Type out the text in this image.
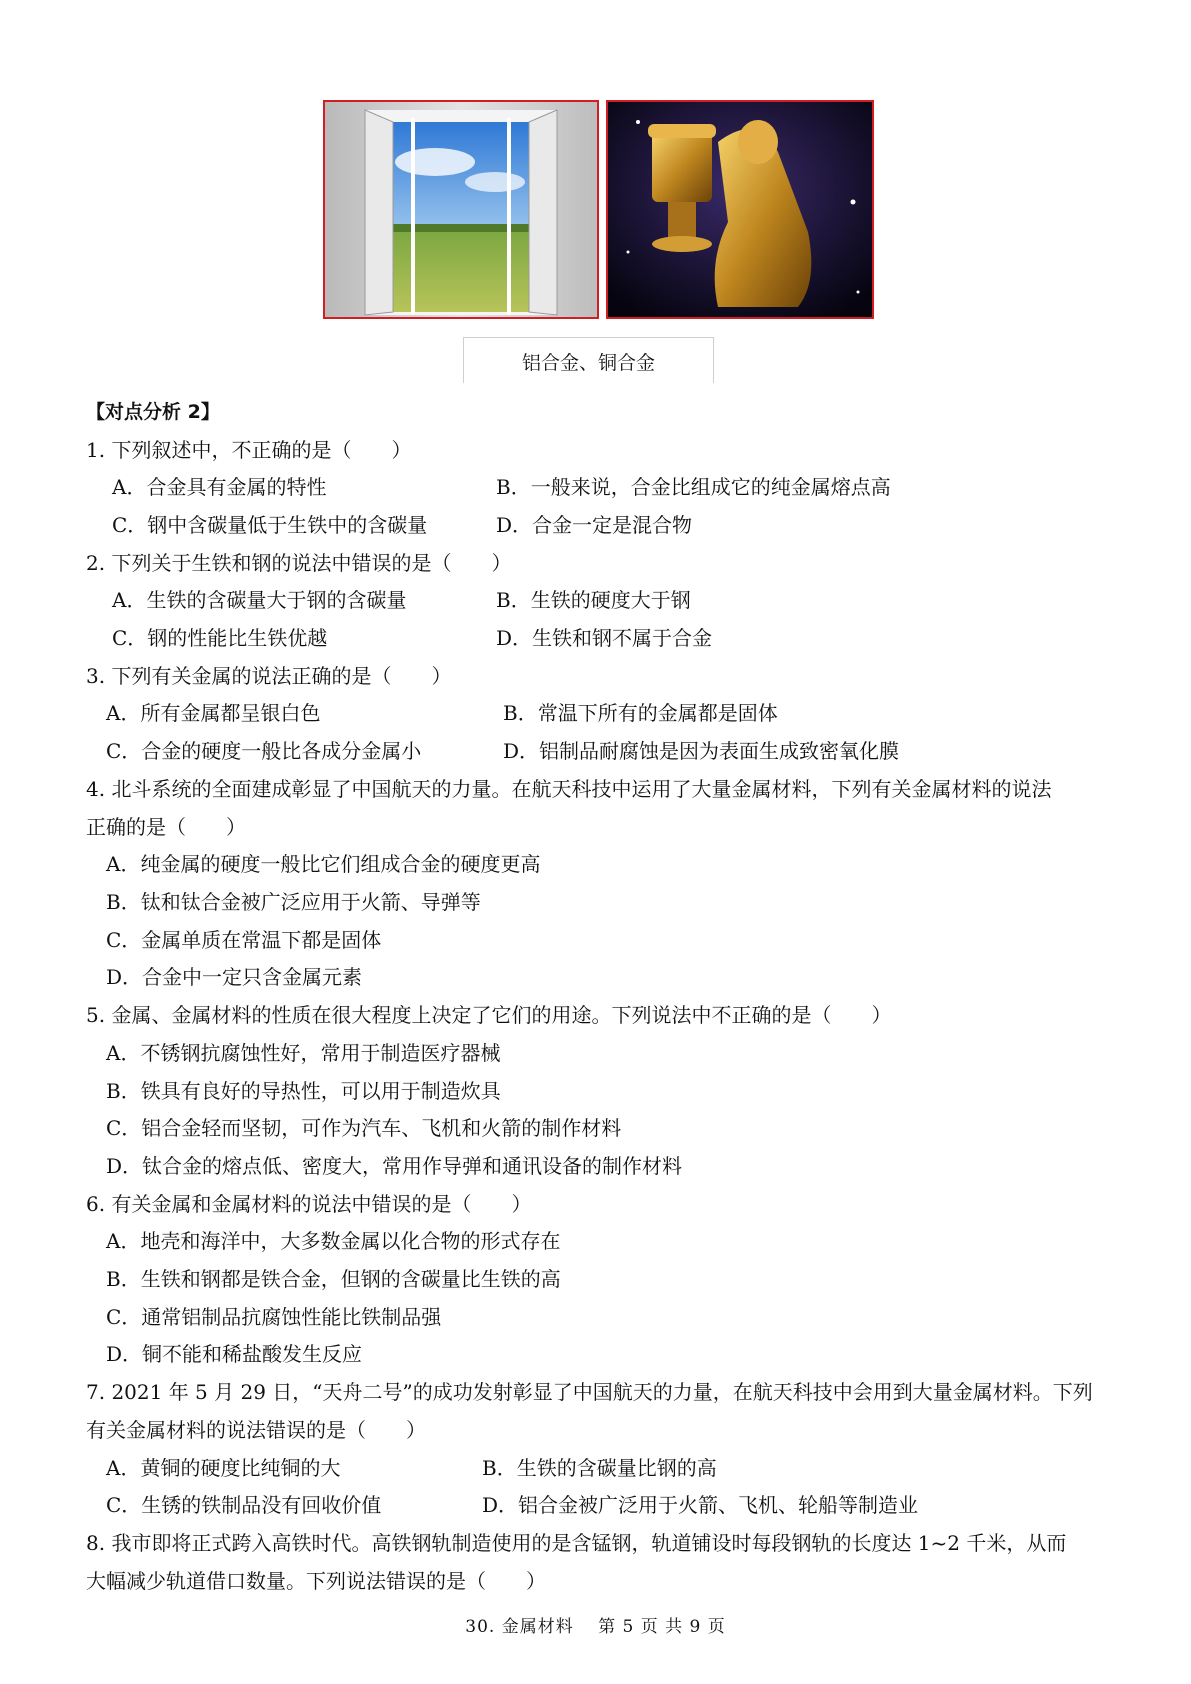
铝合金、铜合金
【对点分析 2】
1. 下列叙述中，不正确的是（　　）
A．合金具有金属的特性	B．一般来说，合金比组成它的纯金属熔点高
C．钢中含碳量低于生铁中的含碳量	D．合金一定是混合物
2. 下列关于生铁和钢的说法中错误的是（　　）
A．生铁的含碳量大于钢的含碳量	B．生铁的硬度大于钢
C．钢的性能比生铁优越	D．生铁和钢不属于合金
3. 下列有关金属的说法正确的是（　　）
A．所有金属都呈银白色	B．常温下所有的金属都是固体
C．合金的硬度一般比各成分金属小	D．铝制品耐腐蚀是因为表面生成致密氧化膜
4. 北斗系统的全面建成彰显了中国航天的力量。在航天科技中运用了大量金属材料，下列有关金属材料的说法
正确的是（　　）
A．纯金属的硬度一般比它们组成合金的硬度更高
B．钛和钛合金被广泛应用于火箭、导弹等
C．金属单质在常温下都是固体
D．合金中一定只含金属元素
5. 金属、金属材料的性质在很大程度上决定了它们的用途。下列说法中不正确的是（　　）
A．不锈钢抗腐蚀性好，常用于制造医疗器械
B．铁具有良好的导热性，可以用于制造炊具
C．铝合金轻而坚韧，可作为汽车、飞机和火箭的制作材料
D．钛合金的熔点低、密度大，常用作导弹和通讯设备的制作材料
6. 有关金属和金属材料的说法中错误的是（　　）
A．地壳和海洋中，大多数金属以化合物的形式存在
B．生铁和钢都是铁合金，但钢的含碳量比生铁的高
C．通常铝制品抗腐蚀性能比铁制品强
D．铜不能和稀盐酸发生反应
7. 2021 年 5 月 29 日，“天舟二号”的成功发射彰显了中国航天的力量，在航天科技中会用到大量金属材料。下列
有关金属材料的说法错误的是（　　）
A．黄铜的硬度比纯铜的大	B．生铁的含碳量比钢的高
C．生锈的铁制品没有回收价值	D．铝合金被广泛用于火箭、飞机、轮船等制造业
8. 我市即将正式跨入高铁时代。高铁钢轨制造使用的是含锰钢，轨道铺设时每段钢轨的长度达 1~2 千米，从而
大幅减少轨道借口数量。下列说法错误的是（　　）
30. 金属材料　 第 5 页 共 9 页
